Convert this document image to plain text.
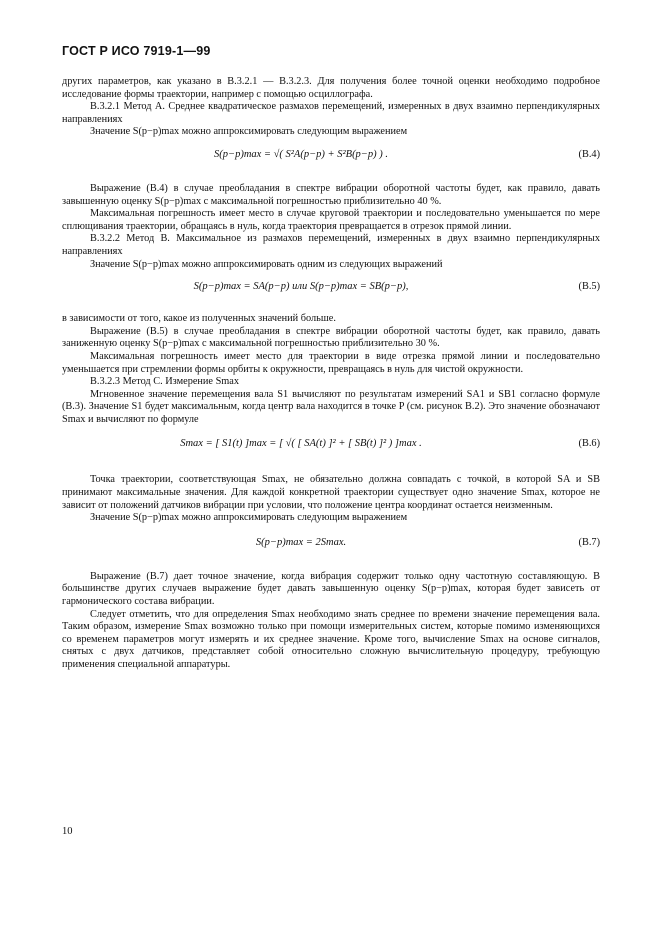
ГОСТ Р ИСО 7919-1—99

других параметров, как указано в В.3.2.1 — В.3.2.3. Для получения более точной оценки необходимо подробное исследование формы траектории, например с помощью осциллографа.

В.3.2.1 Метод А. Среднее квадратическое размахов перемещений, измеренных в двух взаимно перпендикулярных направлениях

Значение S(p−p)max можно аппроксимировать следующим выражением

S(p−p)max = √( S²A(p−p) + S²B(p−p) ) .	(В.4)

Выражение (В.4) в случае преобладания в спектре вибрации оборотной частоты будет, как правило, давать завышенную оценку S(p−p)max с максимальной погрешностью приблизительно 40 %.

Максимальная погрешность имеет место в случае круговой траектории и последовательно уменьшается по мере сплющивания траектории, обращаясь в нуль, когда траектория превращается в отрезок прямой линии.

В.3.2.2 Метод В. Максимальное из размахов перемещений, измеренных в двух взаимно перпендикулярных направлениях

Значение S(p−p)max можно аппроксимировать одним из следующих выражений

S(p−p)max = SA(p−p) или S(p−p)max = SB(p−p),	(В.5)

в зависимости от того, какое из полученных значений больше.

Выражение (В.5) в случае преобладания в спектре вибрации оборотной частоты будет, как правило, давать заниженную оценку S(p−p)max с максимальной погрешностью приблизительно 30 %.

Максимальная погрешность имеет место для траектории в виде отрезка прямой линии и последовательно уменьшается при стремлении формы орбиты к окружности, превращаясь в нуль для чистой окружности.

В.3.2.3 Метод С. Измерение Smax

Мгновенное значение перемещения вала S1 вычисляют по результатам измерений SA1 и SB1 согласно формуле (В.3). Значение S1 будет максимальным, когда центр вала находится в точке P (см. рисунок В.2). Это значение обозначают Smax и вычисляют по формуле

Smax = [ S1(t) ]max = [ √( [ SA(t) ]² + [ SB(t) ]² ) ]max .	(В.6)

Точка траектории, соответствующая Smax, не обязательно должна совпадать с точкой, в которой SA и SB принимают максимальные значения. Для каждой конкретной траектории существует одно значение Smax, которое не зависит от положений датчиков вибрации при условии, что положение центра координат остается неизменным.

Значение S(p−p)max можно аппроксимировать следующим выражением

S(p−p)max = 2Smax.	(В.7)

Выражение (В.7) дает точное значение, когда вибрация содержит только одну частотную составляющую. В большинстве других случаев выражение будет давать завышенную оценку S(p−p)max, которая будет зависеть от гармонического состава вибрации.

Следует отметить, что для определения Smax необходимо знать среднее по времени значение перемещения вала. Таким образом, измерение Smax возможно только при помощи измерительных систем, которые помимо изменяющихся со временем параметров могут измерять и их среднее значение. Кроме того, вычисление Smax на основе сигналов, снятых с двух датчиков, представляет собой относительно сложную вычислительную процедуру, требующую применения специальной аппаратуры.

10
